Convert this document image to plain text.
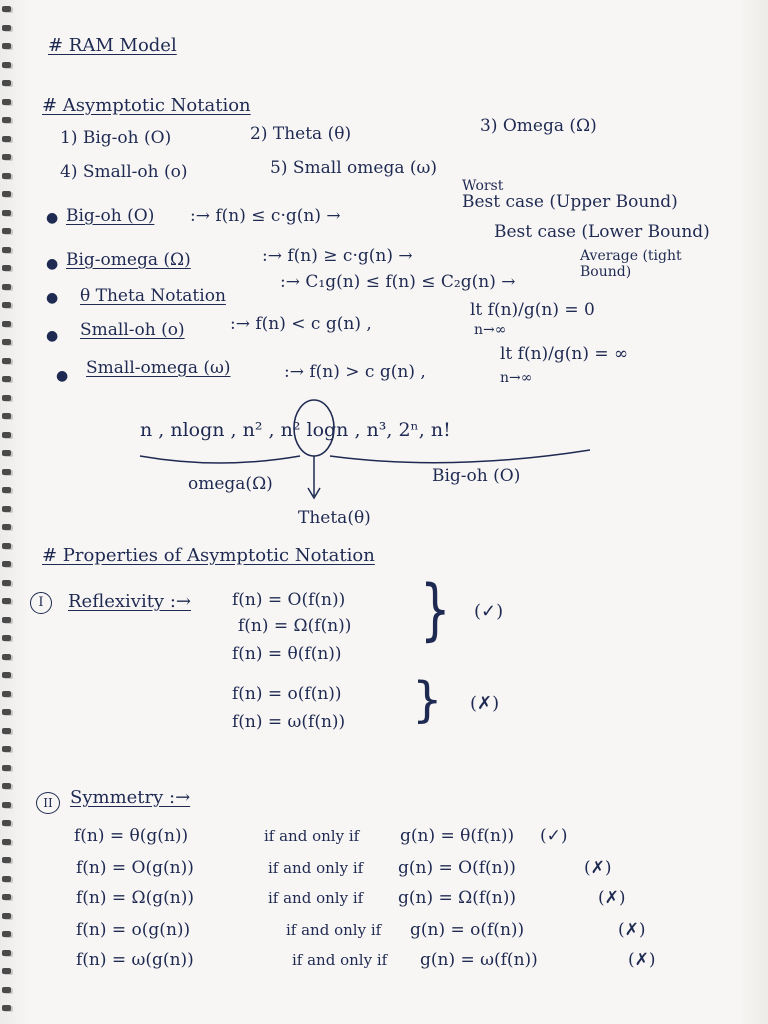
# RAM Model
# Asymptotic Notation
1) Big-oh (O)	2) Theta (θ)	3) Omega (Ω)
4) Small-oh (o)	5) Small omega (ω)
● Big-oh (O) :→ f(n) ≤ c·g(n) →
Worst
Best case (Upper Bound)
● Big-omega (Ω)	:→ f(n) ≥ c·g(n) →
Best case (Lower Bound)
● θ Theta Notation
:→ C₁g(n) ≤ f(n) ≤ C₂g(n) →
Average (tight Bound)
● Small-oh (o)	:→ f(n) < c g(n) ,
lt f(n)/g(n) = 0
n→∞
● Small-omega (ω)	:→ f(n) > c g(n) ,
lt f(n)/g(n) = ∞
n→∞
n , nlogn , n² , n² logn , n³, 2ⁿ, n!
omega(Ω)	Big-oh (O)
Theta(θ)
# Properties of Asymptotic Notation
I	Reflexivity :→ f(n) = O(f(n))
f(n) = Ω(f(n))
f(n) = θ(f(n))
} (✓)
f(n) = o(f(n))
f(n) = ω(f(n)) } (✗)
II Symmetry :→
f(n) = θ(g(n))	if and only if g(n) = θ(f(n)) (✓)
f(n) = O(g(n))	if and only if g(n) = O(f(n))	(✗)
f(n) = Ω(g(n))	if and only if g(n) = Ω(f(n))	(✗)
f(n) = o(g(n))	if and only if g(n) = o(f(n))	(✗)
f(n) = ω(g(n))	if and only if g(n) = ω(f(n))	(✗)
